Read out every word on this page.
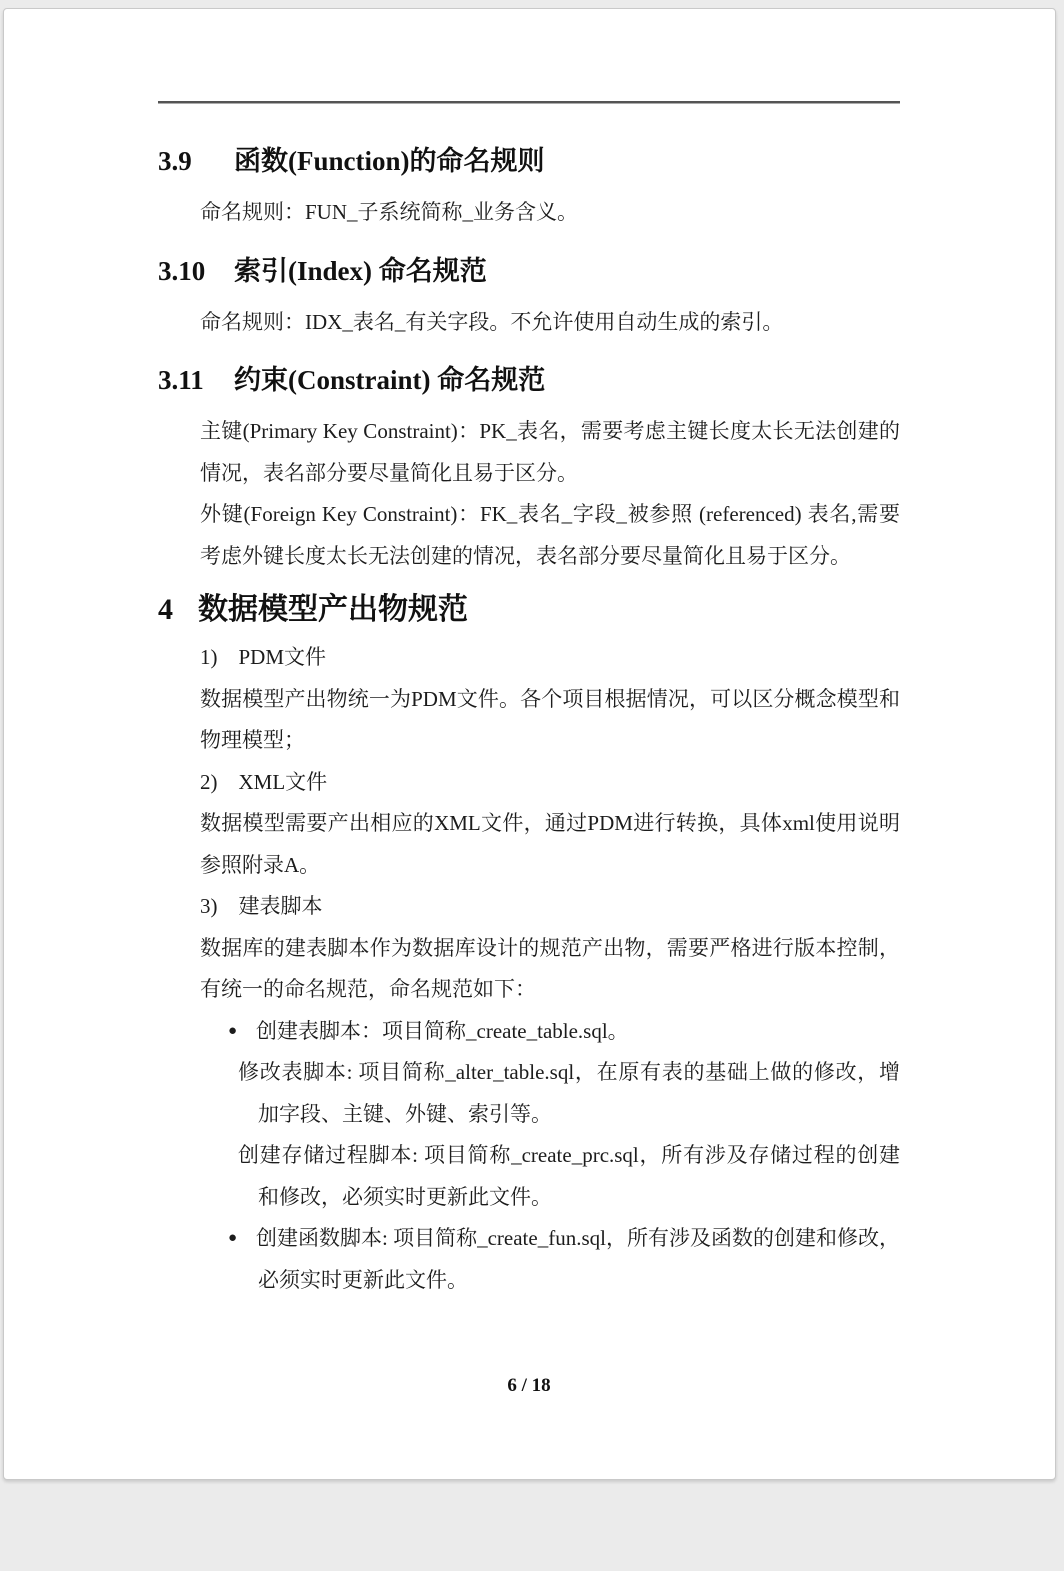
3.9 函数(Function)的命名规则

命名规则：FUN_子系统简称_业务含义。

3.10 索引(Index) 命名规范

命名规则：IDX_表名_有关字段。不允许使用自动生成的索引。

3.11 约束(Constraint) 命名规范

主键(Primary Key Constraint)：PK_表名，需要考虑主键长度太长无法创建的情况，表名部分要尽量简化且易于区分。

外键(Foreign Key Constraint)：FK_表名_字段_被参照 (referenced) 表名,需要考虑外键长度太长无法创建的情况，表名部分要尽量简化且易于区分。

4 数据模型产出物规范

1)　PDM文件

数据模型产出物统一为PDM文件。各个项目根据情况，可以区分概念模型和物理模型；

2)　XML文件

数据模型需要产出相应的XML文件，通过PDM进行转换，具体xml使用说明参照附录A。

3)　建表脚本

数据库的建表脚本作为数据库设计的规范产出物，需要严格进行版本控制，有统一的命名规范，命名规范如下：

● 创建表脚本：项目简称_create_table.sql。
修改表脚本: 项目简称_alter_table.sql，在原有表的基础上做的修改，增加字段、主键、外键、索引等。
创建存储过程脚本: 项目简称_create_prc.sql，所有涉及存储过程的创建和修改，必须实时更新此文件。
● 创建函数脚本: 项目简称_create_fun.sql，所有涉及函数的创建和修改，必须实时更新此文件。
6 / 18
